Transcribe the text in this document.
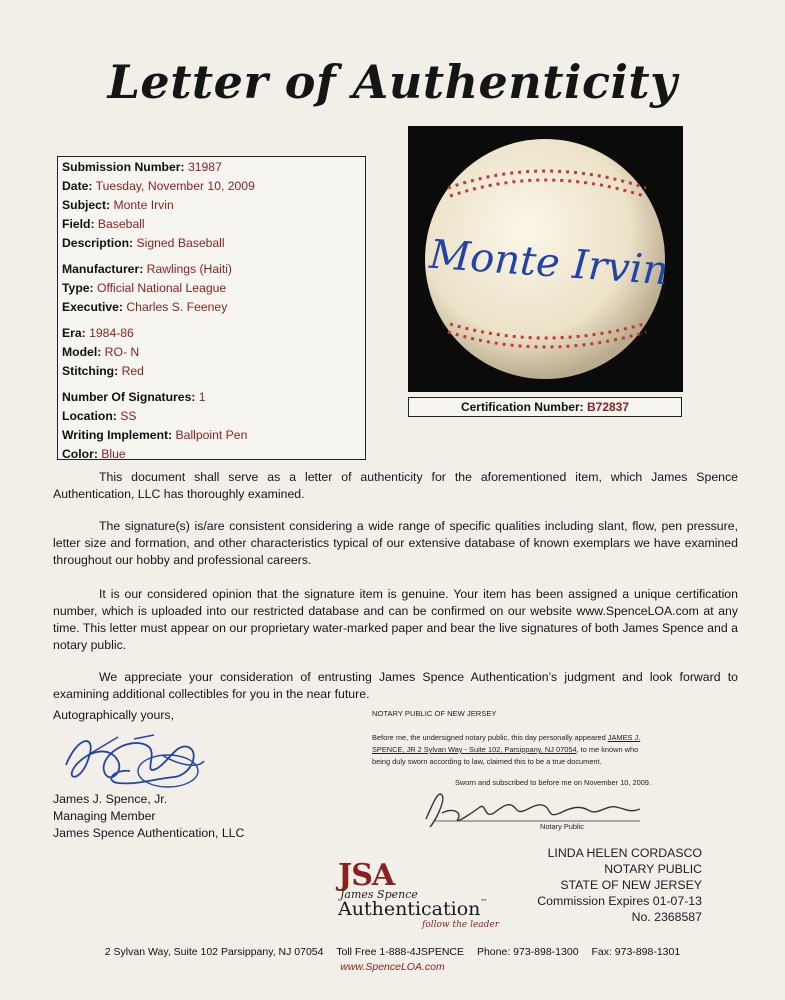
Letter of Authenticity
Submission Number: 31987
Date: Tuesday, November 10, 2009
Subject: Monte Irvin
Field: Baseball
Description: Signed Baseball
Manufacturer: Rawlings (Haiti)
Type: Official National League
Executive: Charles S. Feeney
Era: 1984-86
Model: RO- N
Stitching: Red
Number Of Signatures: 1
Location: SS
Writing Implement: Ballpoint Pen
Color: Blue
Monte Irvin
Certification Number: B72837

This document shall serve as a letter of authenticity for the aforementioned item, which James Spence Authentication, LLC has thoroughly examined.

The signature(s) is/are consistent considering a wide range of specific qualities including slant, flow, pen pressure, letter size and formation, and other characteristics typical of our extensive database of known exemplars we have examined throughout our hobby and professional careers.

It is our considered opinion that the signature item is genuine. Your item has been assigned a unique certification number, which is uploaded into our restricted database and can be confirmed on our website www.SpenceLOA.com at any time. This letter must appear on our proprietary water-marked paper and bear the live signatures of both James Spence and a notary public.

We appreciate your consideration of entrusting James Spence Authentication’s judgment and look forward to examining additional collectibles for you in the near future.

Autographically yours,
James J. Spence, Jr.
Managing Member
James Spence Authentication, LLC
NOTARY PUBLIC OF NEW JERSEY
Before me, the undersigned notary public, this day personally appeared JAMES J.
SPENCE, JR 2 Sylvan Way - Suite 102, Parsippany, NJ 07054, to me known who
being duly sworn according to law, claimed this to be a true document.
Sworn and subscribed to before me on November 10, 2009.
Notary Public
LINDA HELEN CORDASCO
NOTARY PUBLIC
STATE OF NEW JERSEY
Commission Expires 01-07-13
No. 2368587
JSA
James Spence
Authentication™
follow the leader
2 Sylvan Way, Suite 102 Parsippany, NJ 07054 Toll Free 1-888-4JSPENCE Phone: 973-898-1300 Fax: 973-898-1301
www.SpenceLOA.com
